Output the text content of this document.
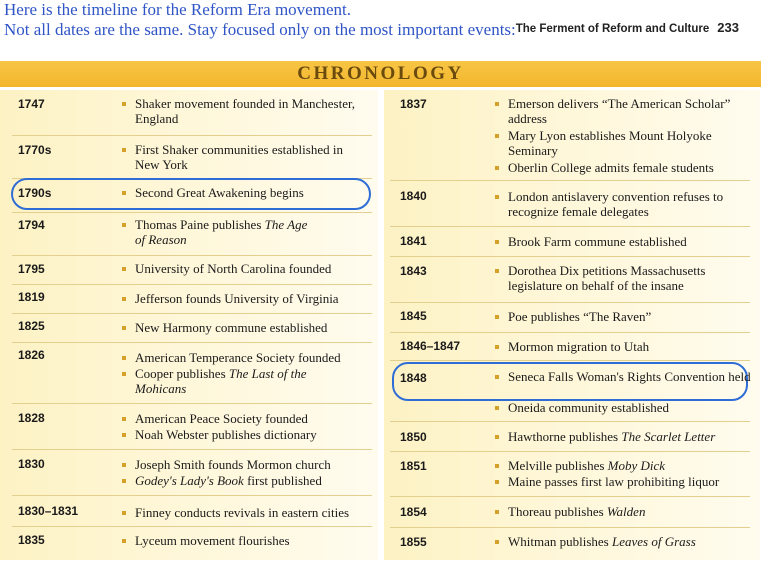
Here is the timeline for the Reform Era movement.
Not all dates are the same. Stay focused only on the most important events: The Ferment of Reform and Culture 233
CHRONOLOGY
1747	Shaker movement founded in Manchester, England
1770s	First Shaker communities established in New York
1790s	Second Great Awakening begins
1794	Thomas Paine publishes The Age
of Reason
1795	University of North Carolina founded
1819	Jefferson founds University of Virginia
1825	New Harmony commune established
1826	American Temperance Society founded
Cooper publishes The Last of the
Mohicans
1828	American Peace Society founded
Noah Webster publishes dictionary
1830	Joseph Smith founds Mormon church
Godey's Lady's Book first published
1830–1831	Finney conducts revivals in eastern cities
1835	Lyceum movement flourishes
1837	Emerson delivers “The American Scholar” address
Mary Lyon establishes Mount Holyoke Seminary
Oberlin College admits female students
1840	London antislavery convention refuses to recognize female delegates
1841	Brook Farm commune established
1843	Dorothea Dix petitions Massachusetts legislature on behalf of the insane
1845	Poe publishes “The Raven”
1846–1847	Mormon migration to Utah
1848	Seneca Falls Woman's Rights Convention held
Oneida community established
1850	Hawthorne publishes The Scarlet Letter
1851	Melville publishes Moby Dick
Maine passes first law prohibiting liquor
1854	Thoreau publishes Walden
1855	Whitman publishes Leaves of Grass
